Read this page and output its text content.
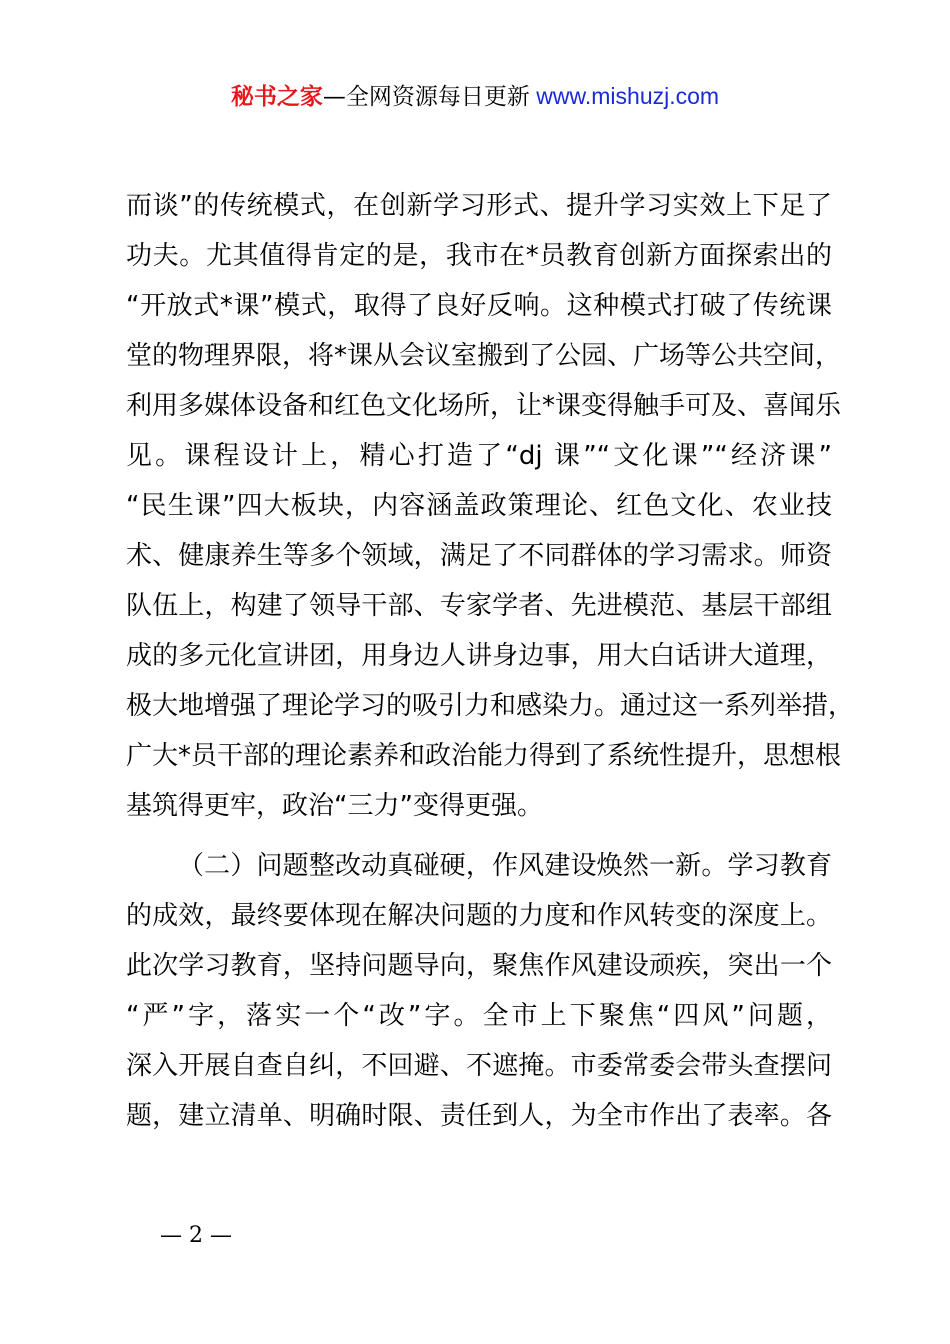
秘书之家—全网资源每日更新 www.mishuzj.com
而谈”的传统模式，在创新学习形式、提升学习实效上下足了
功夫。尤其值得肯定的是，我市在*员教育创新方面探索出的
“开放式*课”模式，取得了良好反响。这种模式打破了传统课
堂的物理界限，将*课从会议室搬到了公园、广场等公共空间，
利用多媒体设备和红色文化场所，让*课变得触手可及、喜闻乐
见。课程设计上，精心打造了“dj 课”“文化课”“经济课”
“民生课”四大板块，内容涵盖政策理论、红色文化、农业技
术、健康养生等多个领域，满足了不同群体的学习需求。师资
队伍上，构建了领导干部、专家学者、先进模范、基层干部组
成的多元化宣讲团，用身边人讲身边事，用大白话讲大道理，
极大地增强了理论学习的吸引力和感染力。通过这一系列举措，
广大*员干部的理论素养和政治能力得到了系统性提升，思想根
基筑得更牢，政治“三力”变得更强。
（二）问题整改动真碰硬，作风建设焕然一新。学习教育
的成效，最终要体现在解决问题的力度和作风转变的深度上。
此次学习教育，坚持问题导向，聚焦作风建设顽疾，突出一个
“严”字，落实一个“改”字。全市上下聚焦“四风”问题，
深入开展自查自纠，不回避、不遮掩。市委常委会带头查摆问
题，建立清单、明确时限、责任到人，为全市作出了表率。各
— 2 —
